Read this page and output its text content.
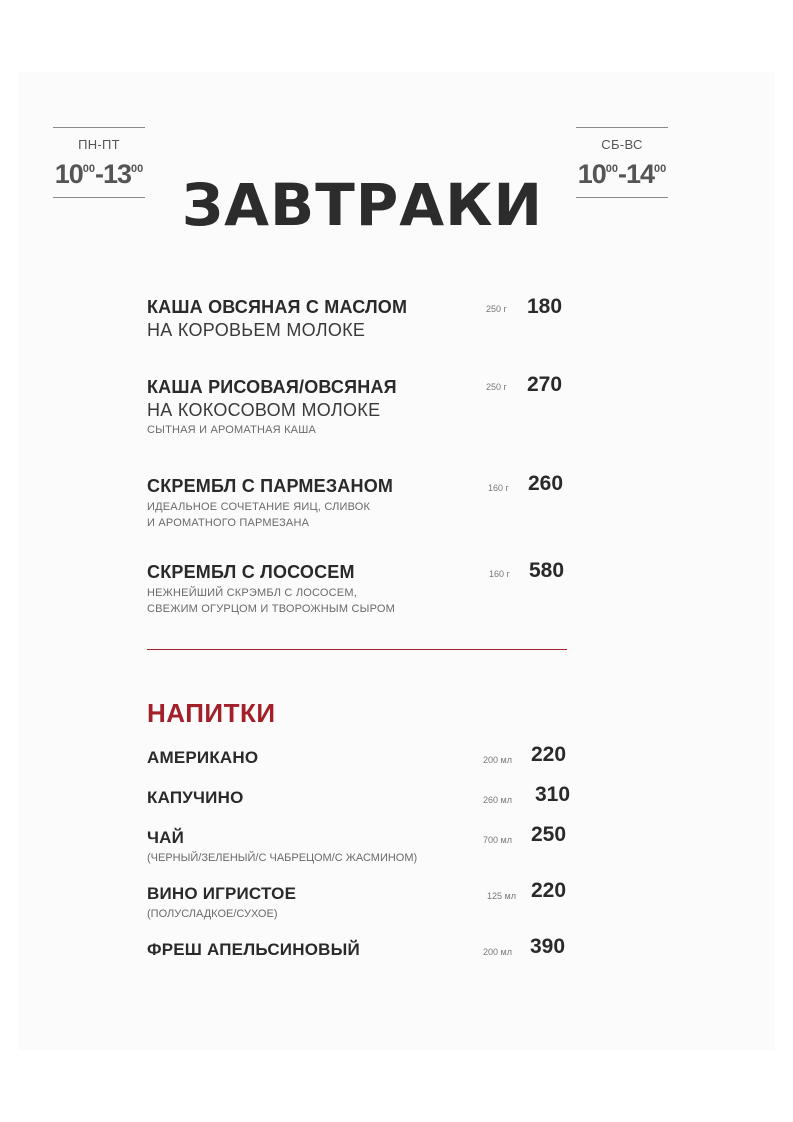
ПН-ПТ
$10^{00}-13^{00}$
СБ-ВС
$10^{00}-14^{00}$
ЗАВТРАКИ
КАША ОВСЯНАЯ С МАСЛОМ
НА КОРОВЬЕМ МОЛОКЕ
250 г 180
КАША РИСОВАЯ/ОВСЯНАЯ
НА КОКОСОВОМ МОЛОКЕ
СЫТНАЯ И АРОМАТНАЯ КАША
250 г 270
СКРЕМБЛ С ПАРМЕЗАНОМ
ИДЕАЛЬНОЕ СОЧЕТАНИЕ ЯИЦ, СЛИВОК
И АРОМАТНОГО ПАРМЕЗАНА
160 г 260
СКРЕМБЛ С ЛОСОСЕМ
НЕЖНЕЙШИЙ СКРЭМБЛ С ЛОСОСЕМ,
СВЕЖИМ ОГУРЦОМ И ТВОРОЖНЫМ СЫРОМ
160 г 580
НАПИТКИ
АМЕРИКАНО	200 мл 220
КАПУЧИНО	260 мл 310
ЧАЙ
(ЧЕРНЫЙ/ЗЕЛЕНЫЙ/С ЧАБРЕЦОМ/С ЖАСМИНОМ)
700 мл 250
ВИНО ИГРИСТОЕ
(ПОЛУСЛАДКОЕ/СУХОЕ)
125 мл 220
ФРЕШ АПЕЛЬСИНОВЫЙ	200 мл 390
